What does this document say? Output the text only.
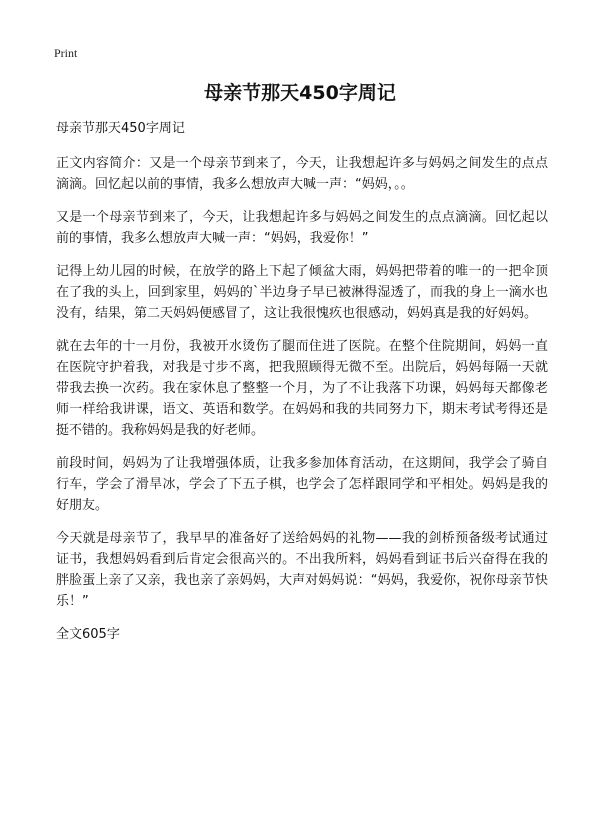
Print
母亲节那天450字周记

母亲节那天450字周记

正文内容简介：又是一个母亲节到来了，今天，让我想起许多与妈妈之间发生的点点滴滴。回忆起以前的事情，我多么想放声大喊一声：“妈妈，。。

又是一个母亲节到来了，今天，让我想起许多与妈妈之间发生的点点滴滴。回忆起以前的事情，我多么想放声大喊一声：“妈妈，我爱你！”

记得上幼儿园的时候，在放学的路上下起了倾盆大雨，妈妈把带着的唯一的一把伞顶在了我的头上，回到家里，妈妈的`半边身子早已被淋得湿透了，而我的身上一滴水也没有，结果，第二天妈妈便感冒了，这让我很愧疚也很感动，妈妈真是我的好妈妈。

就在去年的十一月份，我被开水烫伤了腿而住进了医院。在整个住院期间，妈妈一直在医院守护着我，对我是寸步不离，把我照顾得无微不至。出院后，妈妈每隔一天就带我去换一次药。我在家休息了整整一个月，为了不让我落下功课，妈妈每天都像老师一样给我讲课，语文、英语和数学。在妈妈和我的共同努力下，期末考试考得还是挺不错的。我称妈妈是我的好老师。

前段时间，妈妈为了让我增强体质，让我多参加体育活动，在这期间，我学会了骑自行车，学会了滑旱冰，学会了下五子棋，也学会了怎样跟同学和平相处。妈妈是我的好朋友。

今天就是母亲节了，我早早的准备好了送给妈妈的礼物——我的剑桥预备级考试通过证书，我想妈妈看到后肯定会很高兴的。不出我所料，妈妈看到证书后兴奋得在我的胖脸蛋上亲了又亲，我也亲了亲妈妈，大声对妈妈说：“妈妈，我爱你，祝你母亲节快乐！”

全文605字
